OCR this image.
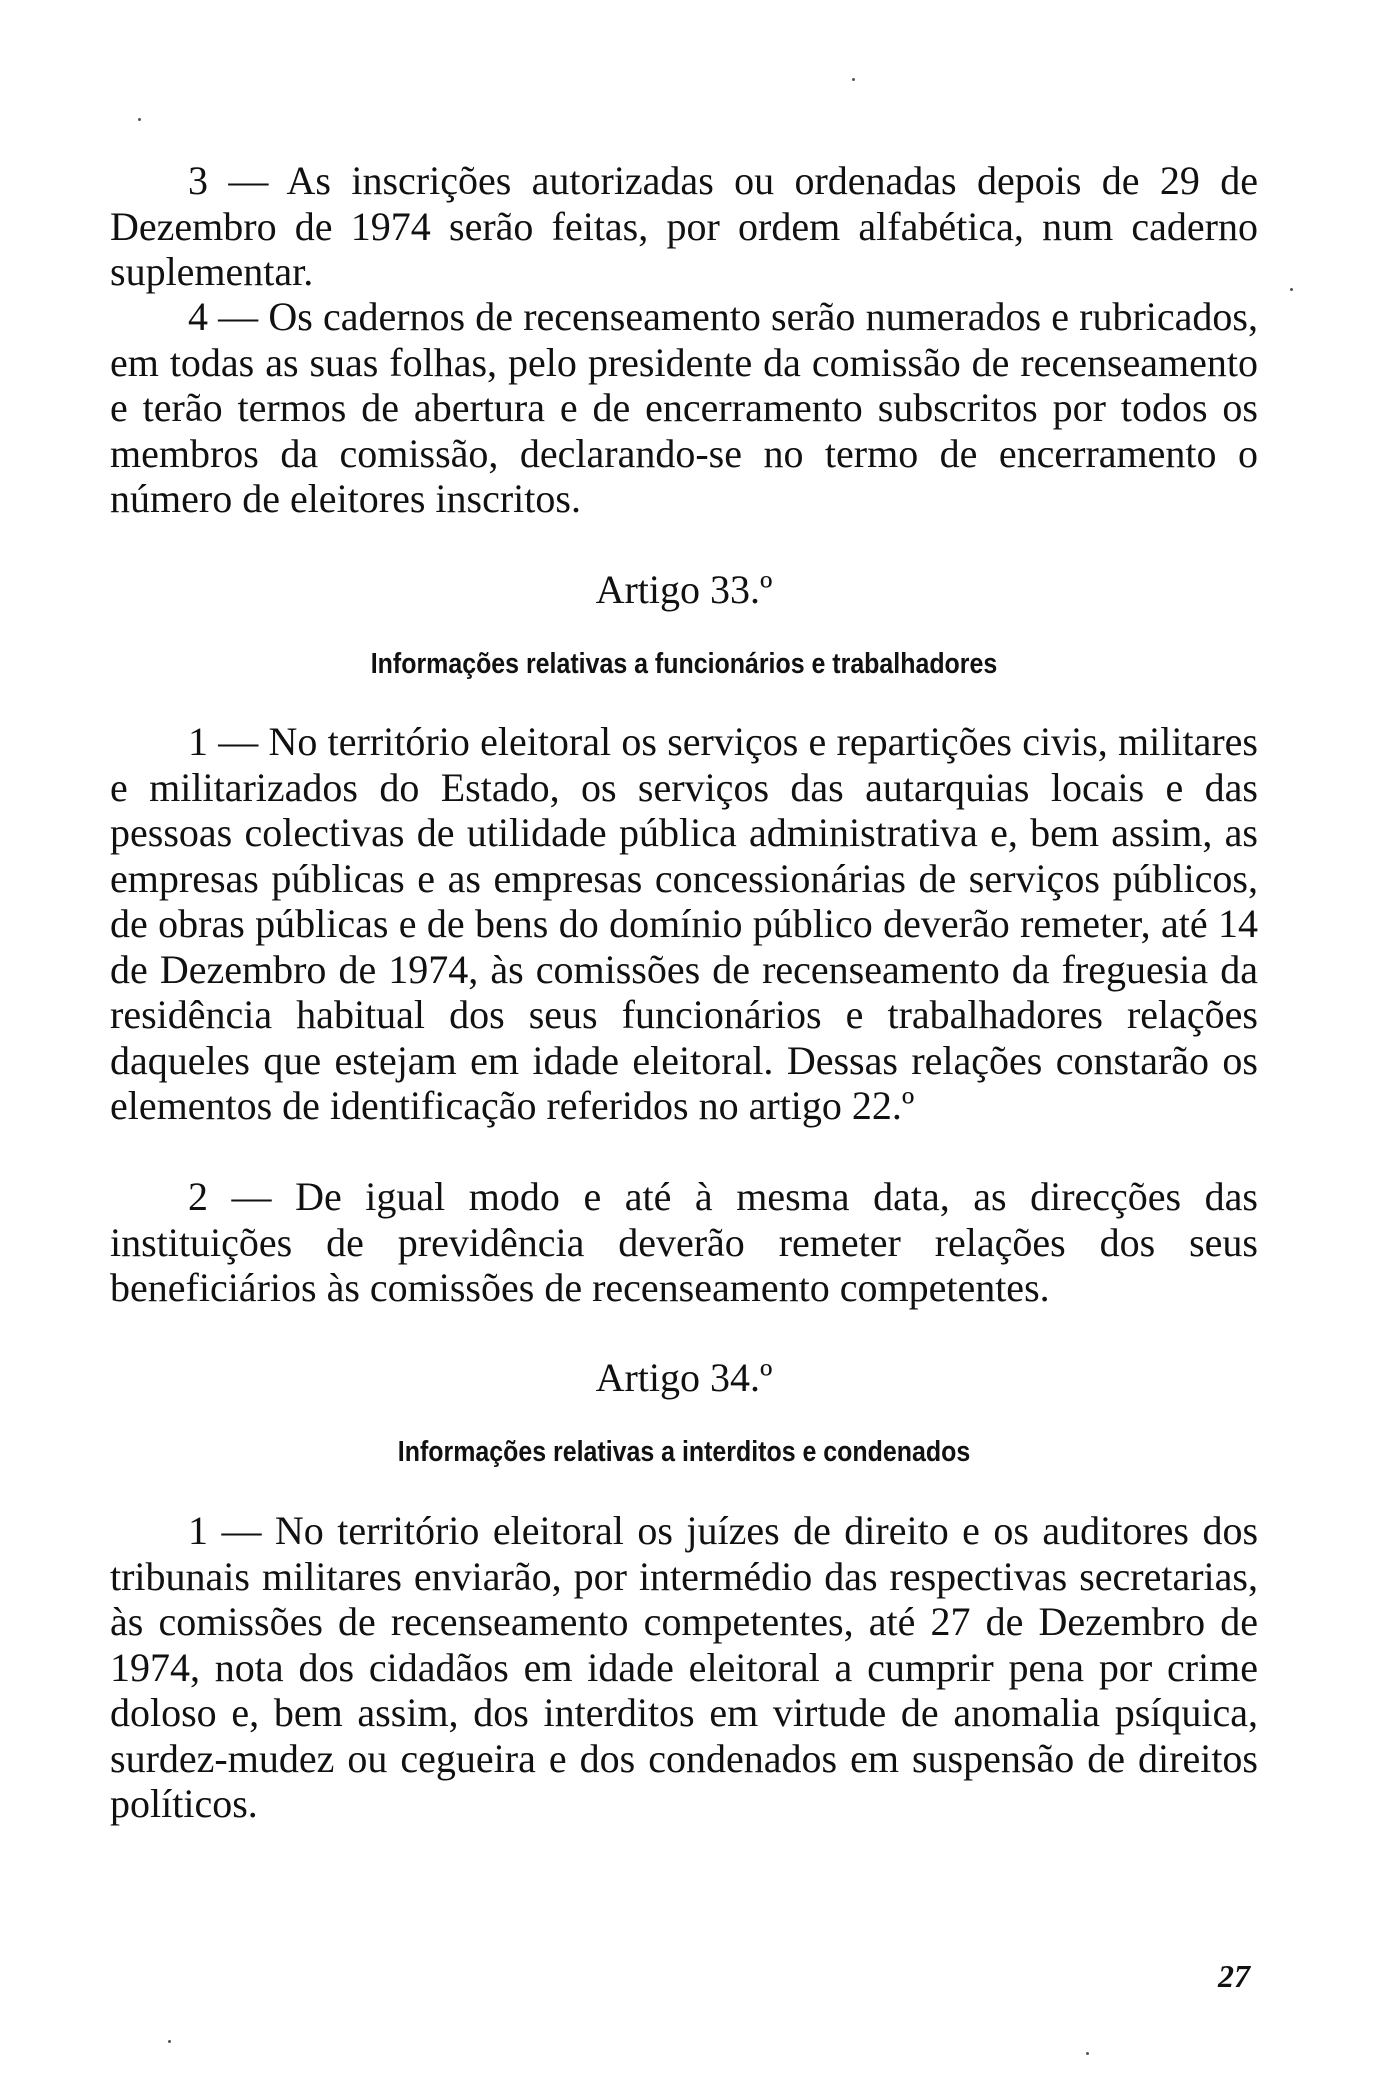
3 — As inscrições autorizadas ou ordenadas depois de 29 de Dezembro de 1974 serão feitas, por ordem alfabética, num caderno suplementar.

4 — Os cadernos de recenseamento serão numerados e rubricados, em todas as suas folhas, pelo presidente da comissão de recenseamento e terão termos de abertura e de encerramento subscritos por todos os membros da comissão, declarando-se no termo de encerramento o número de eleitores inscritos.

Artigo 33.º

Informações relativas a funcionários e trabalhadores

1 — No território eleitoral os serviços e repartições civis, militares e militarizados do Estado, os serviços das autarquias locais e das pessoas colectivas de utilidade pública administrativa e, bem assim, as empresas públicas e as empresas concessionárias de serviços públicos, de obras públicas e de bens do domínio público deverão remeter, até 14 de Dezembro de 1974, às comissões de recenseamento da freguesia da residência habitual dos seus funcionários e trabalhadores relações daqueles que estejam em idade eleitoral. Dessas relações constarão os elementos de identificação referidos no artigo 22.º

2 — De igual modo e até à mesma data, as direcções das instituições de previdência deverão remeter relações dos seus beneficiários às comissões de recenseamento competentes.

Artigo 34.º

Informações relativas a interditos e condenados

1 — No território eleitoral os juízes de direito e os auditores dos tribunais militares enviarão, por intermédio das respectivas secretarias, às comissões de recenseamento competentes, até 27 de Dezembro de 1974, nota dos cidadãos em idade eleitoral a cumprir pena por crime doloso e, bem assim, dos interditos em virtude de anomalia psíquica, surdez-mudez ou cegueira e dos condenados em suspensão de direitos políticos.

27
